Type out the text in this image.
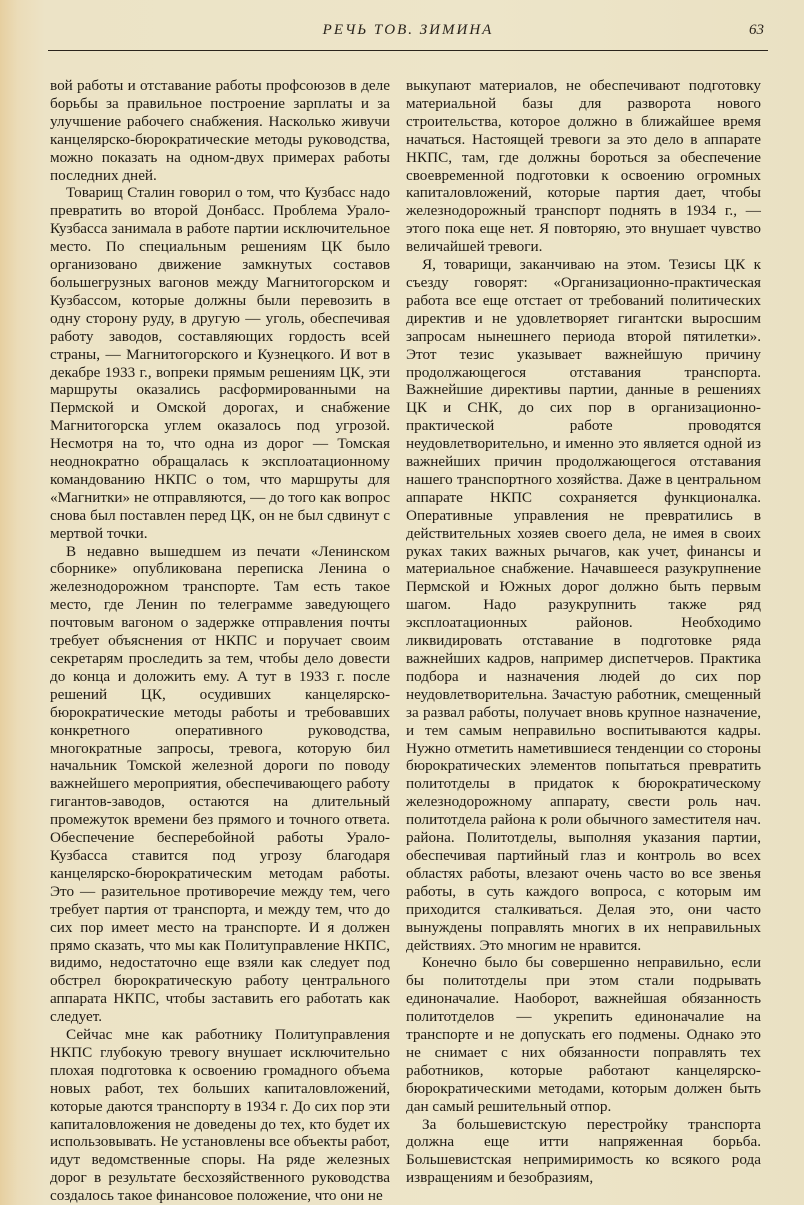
РЕЧЬ ТОВ. ЗИМИНА	63

вой работы и отставание работы профсоюзов в деле борьбы за правильное построение зарплаты и за улучшение рабочего снабжения. Насколько живучи канцелярско-бюрократические методы руководства, можно показать на одном-двух примерах работы последних дней.

Товарищ Сталин говорил о том, что Кузбасс надо превратить во второй Донбасс. Проблема Урало-Кузбасса занимала в работе партии исключительное место. По специальным решениям ЦК было организовано движение замкнутых составов большегрузных вагонов между Магнитогорском и Кузбассом, которые должны были перевозить в одну сторону руду, в другую — уголь, обеспечивая работу заводов, составляющих гордость всей страны, — Магнитогорского и Кузнецкого. И вот в декабре 1933 г., вопреки прямым решениям ЦК, эти маршруты оказались расформированными на Пермской и Омской дорогах, и снабжение Магнитогорска углем оказалось под угрозой. Несмотря на то, что одна из дорог — Томская неоднократно обращалась к эксплоатационному командованию НКПС о том, что маршруты для «Магнитки» не отправляются, — до того как вопрос снова был поставлен перед ЦК, он не был сдвинут с мертвой точки.

В недавно вышедшем из печати «Ленинском сборнике» опубликована переписка Ленина о железнодорожном транспорте. Там есть такое место, где Ленин по телеграмме заведующего почтовым вагоном о задержке отправления почты требует объяснения от НКПС и поручает своим секретарям проследить за тем, чтобы дело довести до конца и доложить ему. А тут в 1933 г. после решений ЦК, осудивших канцелярско-бюрократические методы работы и требовавших конкретного оперативного руководства, многократные запросы, тревога, которую бил начальник Томской железной дороги по поводу важнейшего мероприятия, обеспечивающего работу гигантов-заводов, остаются на длительный промежуток времени без прямого и точного ответа. Обеспечение бесперебойной работы Урало-Кузбасса ставится под угрозу благодаря канцелярско-бюрократическим методам работы. Это — разительное противоречие между тем, чего требует партия от транспорта, и между тем, что до сих пор имеет место на транспорте. И я должен прямо сказать, что мы как Политуправление НКПС, видимо, недостаточно еще взяли как следует под обстрел бюрократическую работу центрального аппарата НКПС, чтобы заставить его работать как следует.

Сейчас мне как работнику Политуправления НКПС глубокую тревогу внушает исключительно плохая подготовка к освоению громадного объема новых работ, тех больших капиталовложений, которые даются транспорту в 1934 г. До сих пор эти капиталовложения не доведены до тех, кто будет их использовывать. Не установлены все объекты работ, идут ведомственные споры. На ряде железных дорог в результате бесхозяйственного руководства создалось такое финансовое положение, что они не

выкупают материалов, не обеспечивают подготовку материальной базы для разворота нового строительства, которое должно в ближайшее время начаться. Настоящей тревоги за это дело в аппарате НКПС, там, где должны бороться за обеспечение своевременной подготовки к освоению огромных капиталовложений, которые партия дает, чтобы железнодорожный транспорт поднять в 1934 г., — этого пока еще нет. Я повторяю, это внушает чувство величайшей тревоги.

Я, товарищи, заканчиваю на этом. Тезисы ЦК к съезду говорят: «Организационно-практическая работа все еще отстает от требований политических директив и не удовлетворяет гигантски выросшим запросам нынешнего периода второй пятилетки». Этот тезис указывает важнейшую причину продолжающегося отставания транспорта. Важнейшие директивы партии, данные в решениях ЦК и СНК, до сих пор в организационно-практической работе проводятся неудовлетворительно, и именно это является одной из важнейших причин продолжающегося отставания нашего транспортного хозяйства. Даже в центральном аппарате НКПС сохраняется функционалка. Оперативные управления не превратились в действительных хозяев своего дела, не имея в своих руках таких важных рычагов, как учет, финансы и материальное снабжение. Начавшееся разукрупнение Пермской и Южных дорог должно быть первым шагом. Надо разукрупнить также ряд эксплоатационных районов. Необходимо ликвидировать отставание в подготовке ряда важнейших кадров, например диспетчеров. Практика подбора и назначения людей до сих пор неудовлетворительна. Зачастую работник, смещенный за развал работы, получает вновь крупное назначение, и тем самым неправильно воспитываются кадры. Нужно отметить наметившиеся тенденции со стороны бюрократических элементов попытаться превратить политотделы в придаток к бюрократическому железнодорожному аппарату, свести роль нач. политотдела района к роли обычного заместителя нач. района. Политотделы, выполняя указания партии, обеспечивая партийный глаз и контроль во всех областях работы, влезают очень часто во все звенья работы, в суть каждого вопроса, с которым им приходится сталкиваться. Делая это, они часто вынуждены поправлять многих в их неправильных действиях. Это многим не нравится.

Конечно было бы совершенно неправильно, если бы политотделы при этом стали подрывать единоначалие. Наоборот, важнейшая обязанность политотделов — укрепить единоначалие на транспорте и не допускать его подмены. Однако это не снимает с них обязанности поправлять тех работников, которые работают канцелярско-бюрократическими методами, которым должен быть дан самый решительный отпор.

За большевистскую перестройку транспорта должна еще итти напряженная борьба. Большевистская непримиримость ко всякого рода извращениям и безобразиям,
